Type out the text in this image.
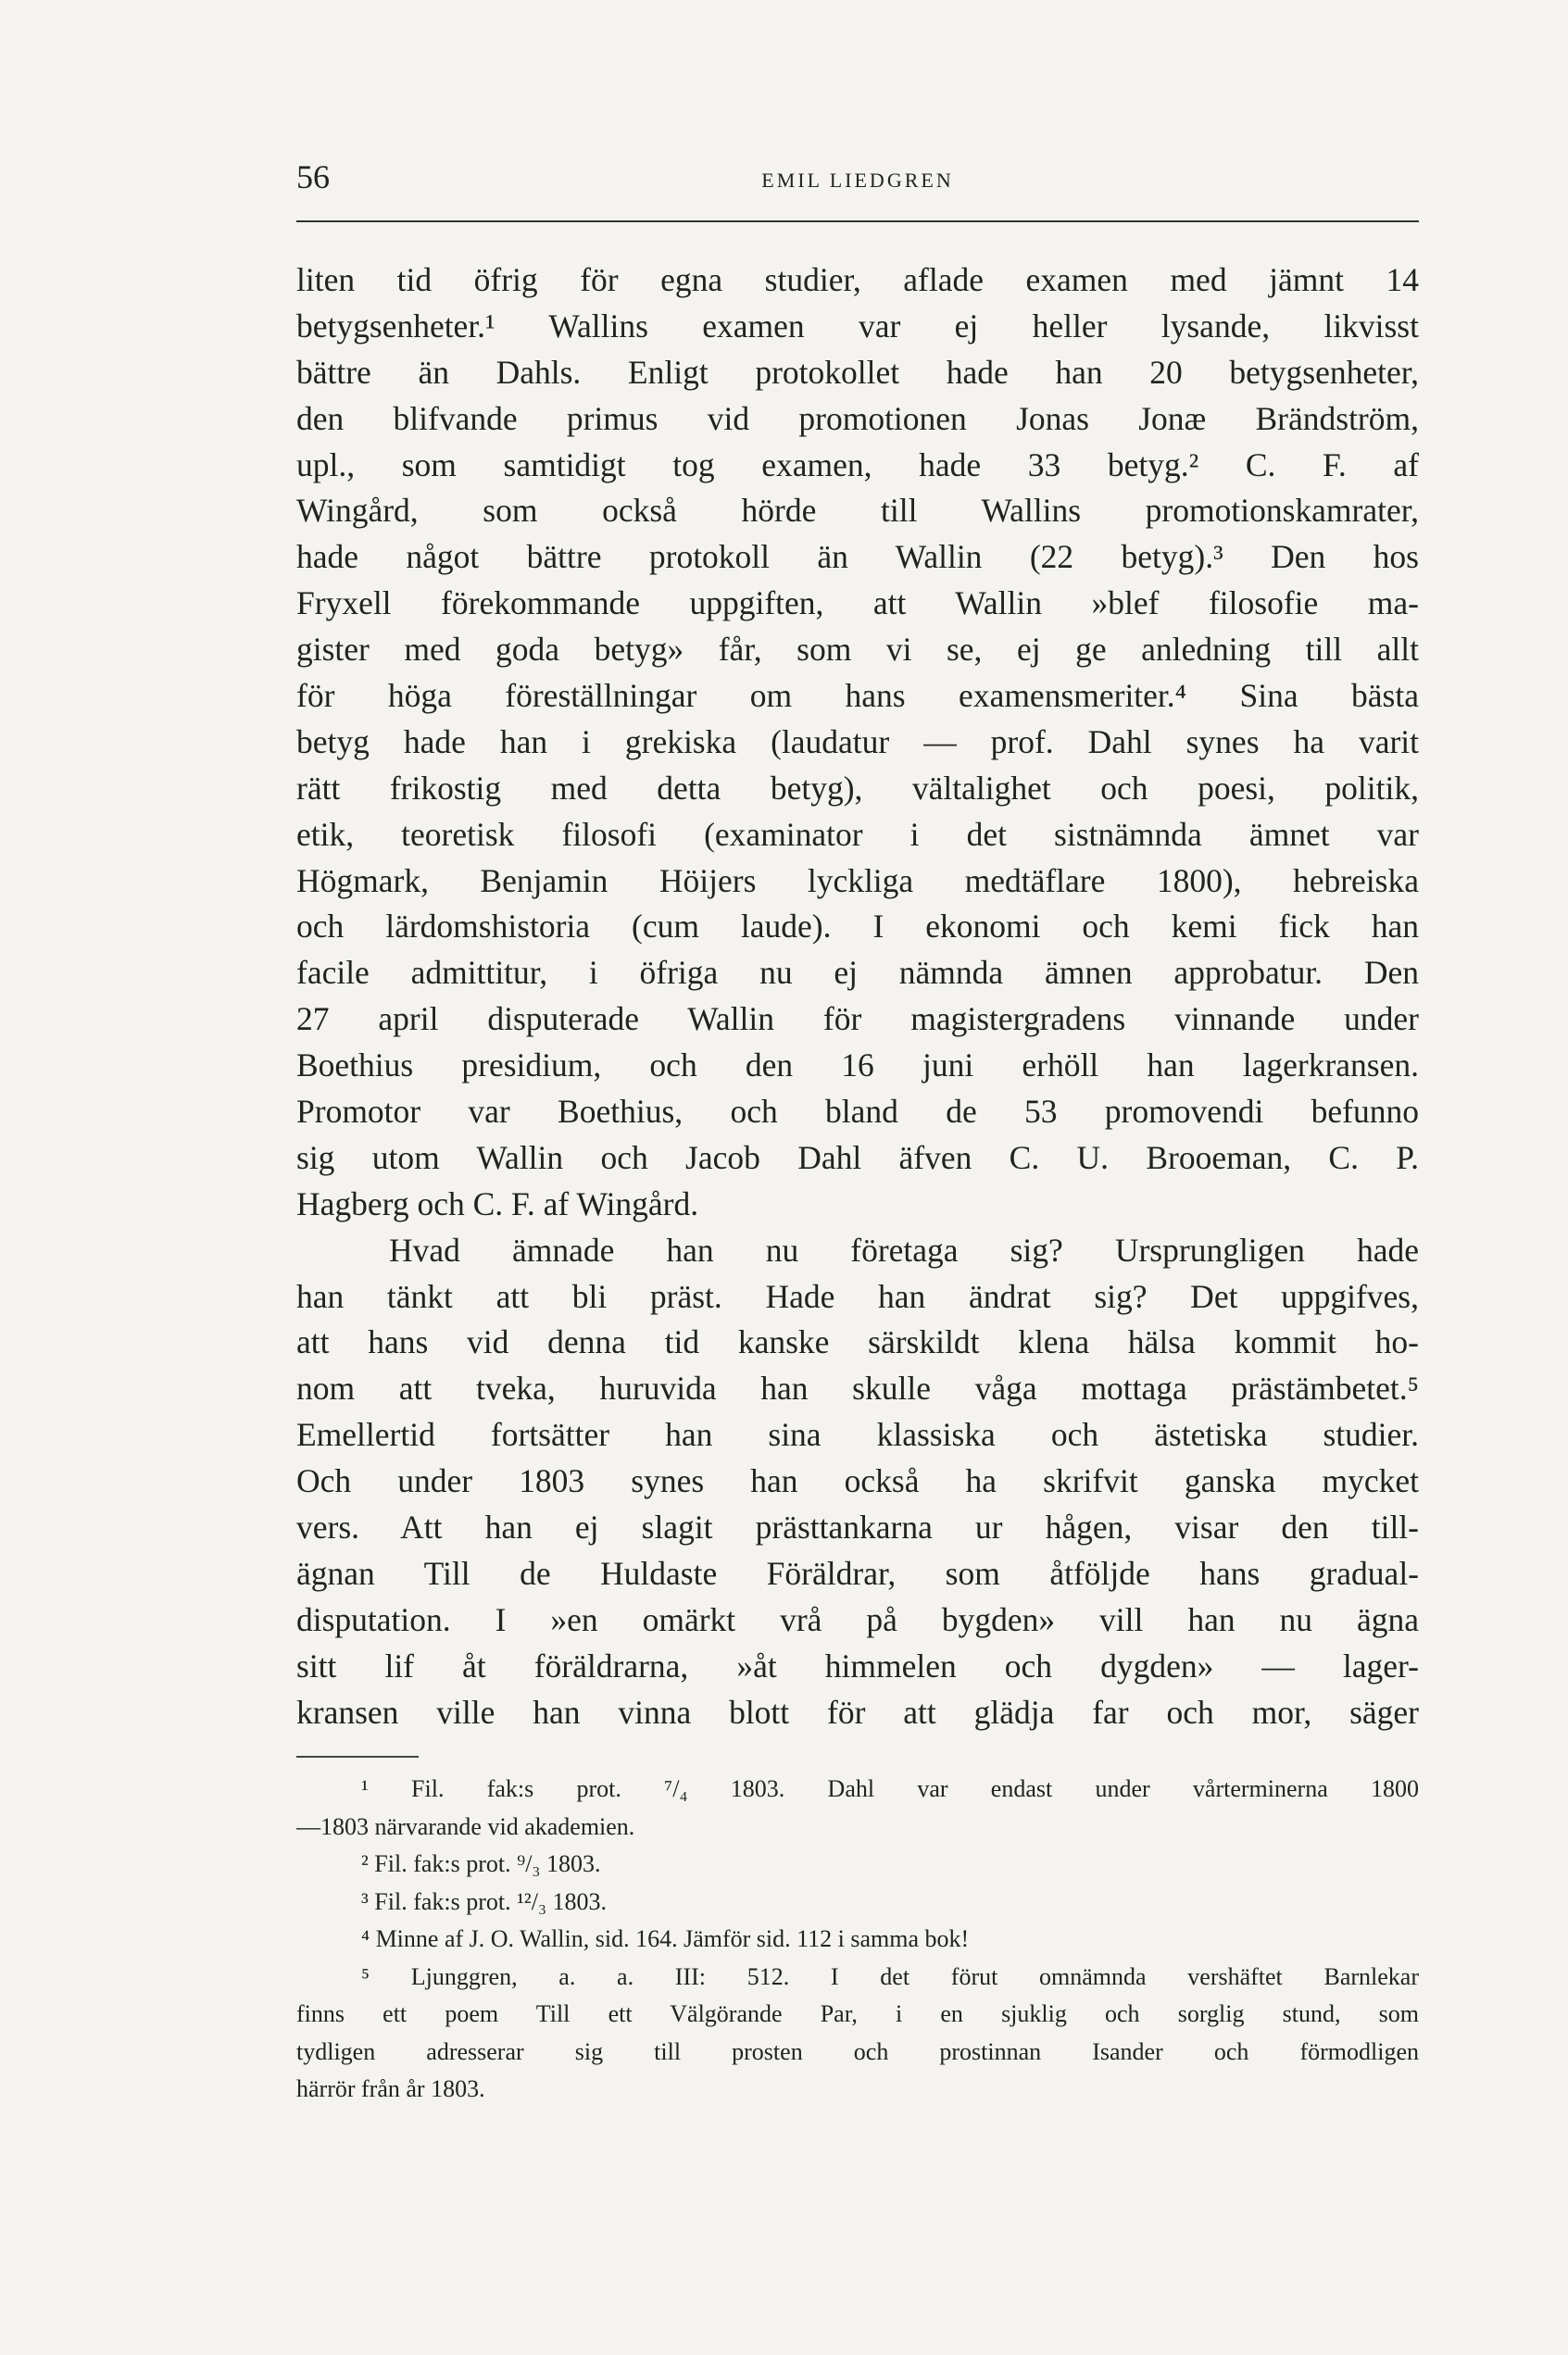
56	EMIL LIEDGREN
liten tid öfrig för egna studier, aflade examen med jämnt 14
betygsenheter.¹ Wallins examen var ej heller lysande, likvisst
bättre än Dahls. Enligt protokollet hade han 20 betygsenheter,
den blifvande primus vid promotionen Jonas Jonæ Brändström,
upl., som samtidigt tog examen, hade 33 betyg.² C. F. af
Wingård, som också hörde till Wallins promotionskamrater,
hade något bättre protokoll än Wallin (22 betyg).³ Den hos
Fryxell förekommande uppgiften, att Wallin »blef filosofie ma-
gister med goda betyg» får, som vi se, ej ge anledning till allt
för höga föreställningar om hans examensmeriter.⁴ Sina bästa
betyg hade han i grekiska (laudatur — prof. Dahl synes ha varit
rätt frikostig med detta betyg), vältalighet och poesi, politik,
etik, teoretisk filosofi (examinator i det sistnämnda ämnet var
Högmark, Benjamin Höijers lyckliga medtäflare 1800), hebreiska
och lärdomshistoria (cum laude). I ekonomi och kemi fick han
facile admittitur, i öfriga nu ej nämnda ämnen approbatur. Den
27 april disputerade Wallin för magistergradens vinnande under
Boethius presidium, och den 16 juni erhöll han lagerkransen.
Promotor var Boethius, och bland de 53 promovendi befunno
sig utom Wallin och Jacob Dahl äfven C. U. Brooeman, C. P.
Hagberg och C. F. af Wingård.
Hvad ämnade han nu företaga sig? Ursprungligen hade
han tänkt att bli präst. Hade han ändrat sig? Det uppgifves,
att hans vid denna tid kanske särskildt klena hälsa kommit ho-
nom att tveka, huruvida han skulle våga mottaga prästämbetet.⁵
Emellertid fortsätter han sina klassiska och ästetiska studier.
Och under 1803 synes han också ha skrifvit ganska mycket
vers. Att han ej slagit prästtankarna ur hågen, visar den till-
ägnan Till de Huldaste Föräldrar, som åtföljde hans gradual-
disputation. I »en omärkt vrå på bygden» vill han nu ägna
sitt lif åt föräldrarna, »åt himmelen och dygden» — lager-
kransen ville han vinna blott för att glädja far och mor, säger
¹ Fil. fak:s prot. ⁷/₄ 1803. Dahl var endast under vårterminerna 1800
—1803 närvarande vid akademien.
² Fil. fak:s prot. ⁹/₃ 1803.
³ Fil. fak:s prot. ¹²/₃ 1803.
⁴ Minne af J. O. Wallin, sid. 164. Jämför sid. 112 i samma bok!
⁵ Ljunggren, a. a. III: 512. I det förut omnämnda vershäftet Barnlekar
finns ett poem Till ett Välgörande Par, i en sjuklig och sorglig stund, som
tydligen adresserar sig till prosten och prostinnan Isander och förmodligen
härrör från år 1803.
